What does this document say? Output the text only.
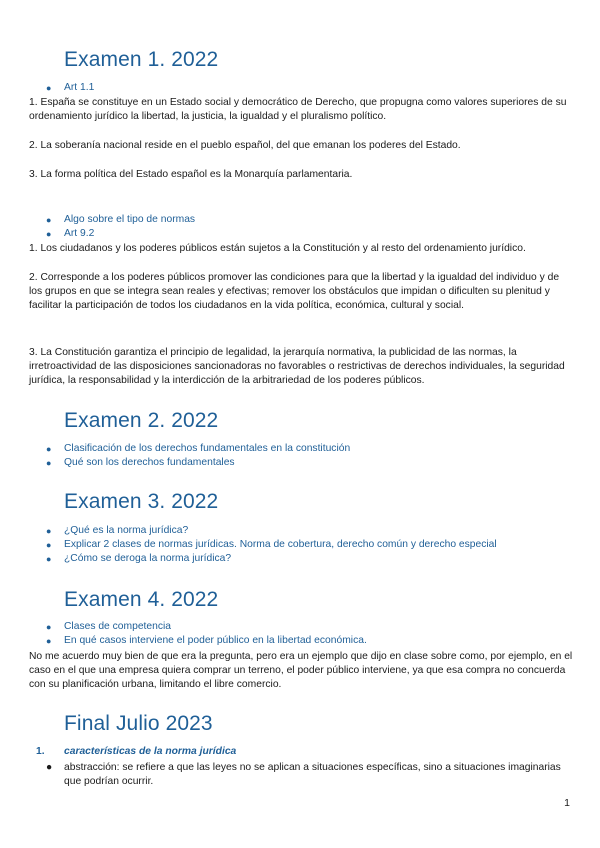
Examen 1. 2022
● Art 1.1

1. España se constituye en un Estado social y democrático de Derecho, que propugna como valores superiores de su ordenamiento jurídico la libertad, la justicia, la igualdad y el pluralismo político.

2. La soberanía nacional reside en el pueblo español, del que emanan los poderes del Estado.

3. La forma política del Estado español es la Monarquía parlamentaria.

● Algo sobre el tipo de normas
● Art 9.2

1. Los ciudadanos y los poderes públicos están sujetos a la Constitución y al resto del ordenamiento jurídico.

2. Corresponde a los poderes públicos promover las condiciones para que la libertad y la igualdad del individuo y de los grupos en que se integra sean reales y efectivas; remover los obstáculos que impidan o dificulten su plenitud y facilitar la participación de todos los ciudadanos en la vida política, económica, cultural y social.

3. La Constitución garantiza el principio de legalidad, la jerarquía normativa, la publicidad de las normas, la irretroactividad de las disposiciones sancionadoras no favorables o restrictivas de derechos individuales, la seguridad jurídica, la responsabilidad y la interdicción de la arbitrariedad de los poderes públicos.

Examen 2. 2022
● Clasificación de los derechos fundamentales en la constitución
● Qué son los derechos fundamentales
Examen 3. 2022
● ¿Qué es la norma jurídica?
● Explicar 2 clases de normas jurídicas. Norma de cobertura, derecho común y derecho especial
● ¿Cómo se deroga la norma jurídica?
Examen 4. 2022
● Clases de competencia
● En qué casos interviene el poder público en la libertad económica.

No me acuerdo muy bien de que era la pregunta, pero era un ejemplo que dijo en clase sobre como, por ejemplo, en el caso en el que una empresa quiera comprar un terreno, el poder público interviene, ya que esa compra no concuerda con su planificación urbana, limitando el libre comercio.

Final Julio 2023
1. características de la norma jurídica
●	abstracción: se refiere a que las leyes no se aplican a situaciones específicas, sino a situaciones imaginarias que podrían ocurrir.
1
